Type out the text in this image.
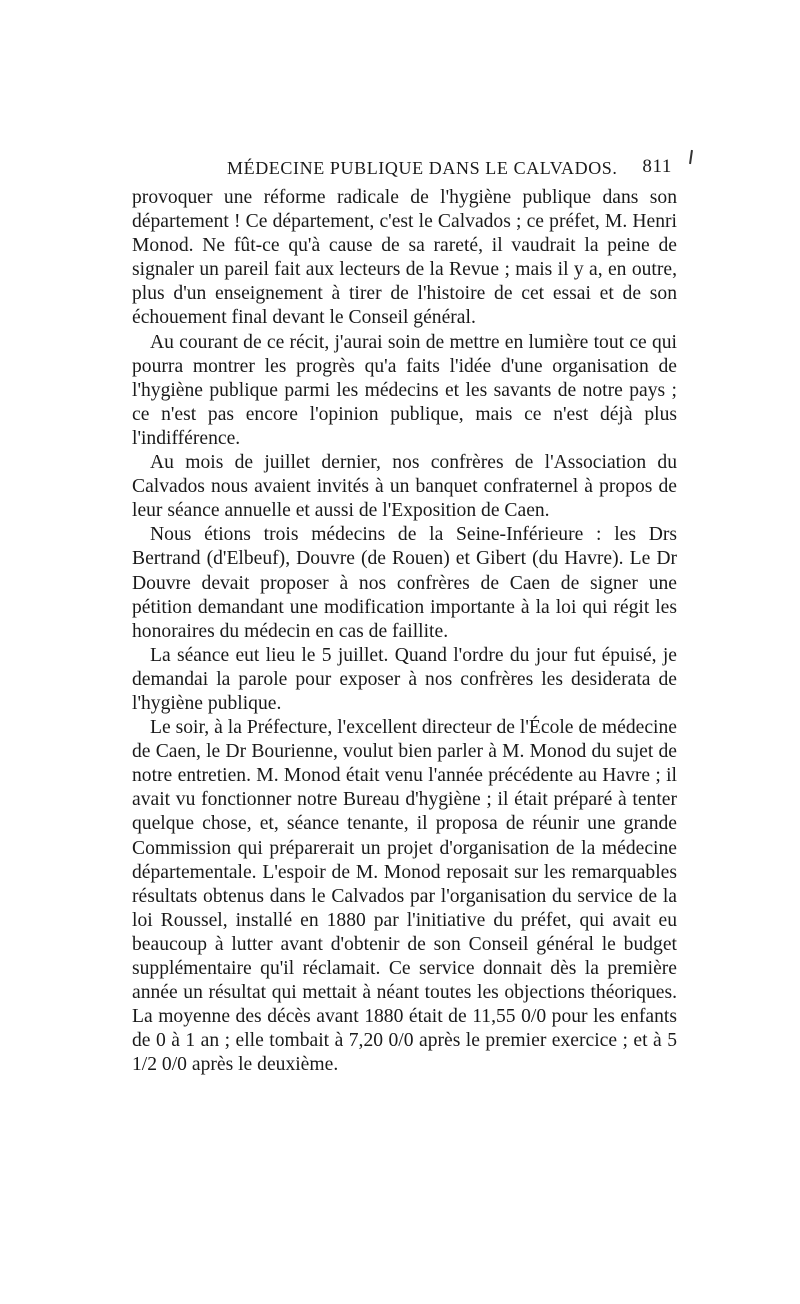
MÉDECINE PUBLIQUE DANS LE CALVADOS. 811

provoquer une réforme radicale de l'hygiène publique dans son département ! Ce département, c'est le Calvados ; ce préfet, M. Henri Monod. Ne fût-ce qu'à cause de sa rareté, il vaudrait la peine de signaler un pareil fait aux lecteurs de la Revue ; mais il y a, en outre, plus d'un enseignement à tirer de l'histoire de cet essai et de son échouement final devant le Conseil général.

Au courant de ce récit, j'aurai soin de mettre en lumière tout ce qui pourra montrer les progrès qu'a faits l'idée d'une organisation de l'hygiène publique parmi les médecins et les savants de notre pays ; ce n'est pas encore l'opinion publique, mais ce n'est déjà plus l'indifférence.

Au mois de juillet dernier, nos confrères de l'Association du Calvados nous avaient invités à un banquet confraternel à propos de leur séance annuelle et aussi de l'Exposition de Caen.

Nous étions trois médecins de la Seine-Inférieure : les Drs Bertrand (d'Elbeuf), Douvre (de Rouen) et Gibert (du Havre). Le Dr Douvre devait proposer à nos confrères de Caen de signer une pétition demandant une modification importante à la loi qui régit les honoraires du médecin en cas de faillite.

La séance eut lieu le 5 juillet. Quand l'ordre du jour fut épuisé, je demandai la parole pour exposer à nos confrères les desiderata de l'hygiène publique.

Le soir, à la Préfecture, l'excellent directeur de l'École de médecine de Caen, le Dr Bourienne, voulut bien parler à M. Monod du sujet de notre entretien. M. Monod était venu l'année précédente au Havre ; il avait vu fonctionner notre Bureau d'hygiène ; il était préparé à tenter quelque chose, et, séance tenante, il proposa de réunir une grande Commission qui préparerait un projet d'organisation de la médecine départementale. L'espoir de M. Monod reposait sur les remarquables résultats obtenus dans le Calvados par l'organisation du service de la loi Roussel, installé en 1880 par l'initiative du préfet, qui avait eu beaucoup à lutter avant d'obtenir de son Conseil général le budget supplémentaire qu'il réclamait. Ce service donnait dès la première année un résultat qui mettait à néant toutes les objections théoriques. La moyenne des décès avant 1880 était de 11,55 0/0 pour les enfants de 0 à 1 an ; elle tombait à 7,20 0/0 après le premier exercice ; et à 5 1/2 0/0 après le deuxième.
